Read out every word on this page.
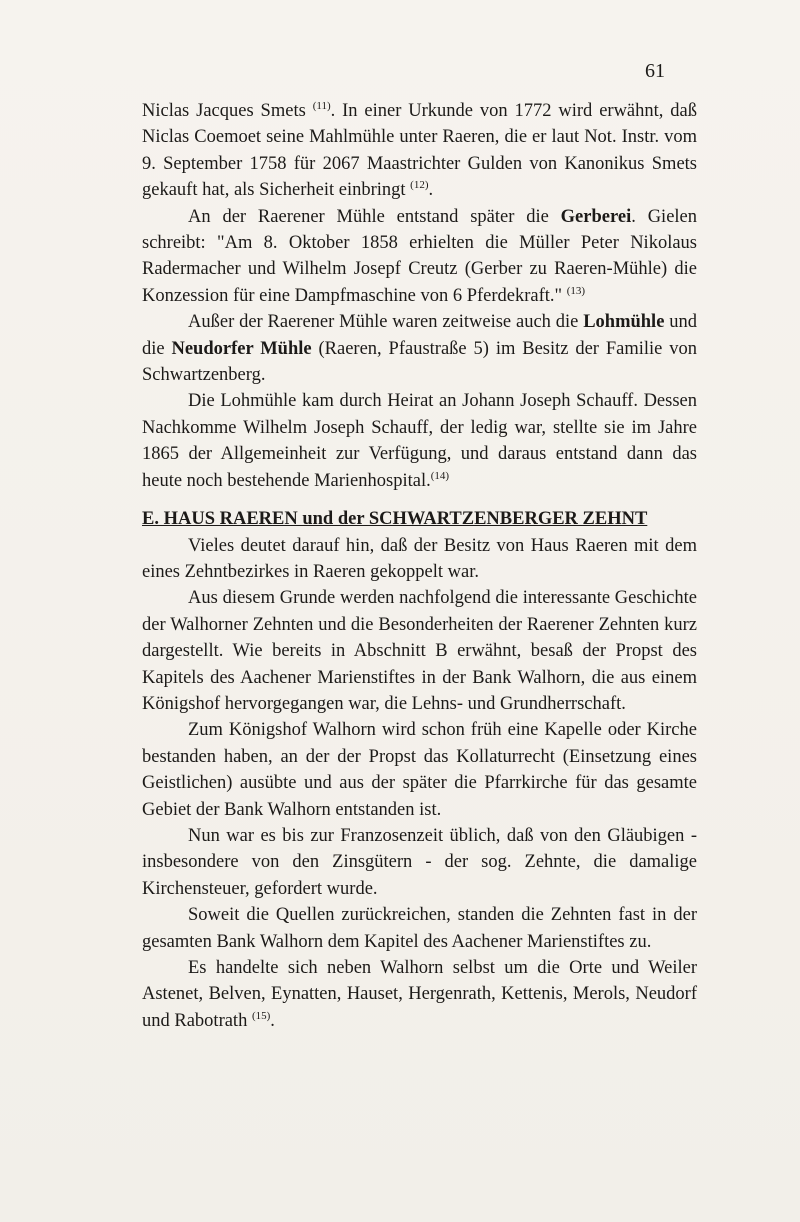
61

Niclas Jacques Smets $^{(11)}$. In einer Urkunde von 1772 wird erwähnt, daß Niclas Coemoet seine Mahlmühle unter Raeren, die er laut Not. Instr. vom 9. September 1758 für 2067 Maastrichter Gulden von Kanonikus Smets gekauft hat, als Sicherheit einbringt $^{(12)}$.

An der Raerener Mühle entstand später die Gerberei. Gielen schreibt: "Am 8. Oktober 1858 erhielten die Müller Peter Nikolaus Radermacher und Wilhelm Josepf Creutz (Gerber zu Raeren-Mühle) die Konzession für eine Dampfmaschine von 6 Pferdekraft." $^{(13)}$

Außer der Raerener Mühle waren zeitweise auch die Lohmühle und die Neudorfer Mühle (Raeren, Pfaustraße 5) im Besitz der Familie von Schwartzenberg.

Die Lohmühle kam durch Heirat an Johann Joseph Schauff. Dessen Nachkomme Wilhelm Joseph Schauff, der ledig war, stellte sie im Jahre 1865 der Allgemeinheit zur Verfügung, und daraus entstand dann das heute noch bestehende Marienhospital.$^{(14)}$

E. HAUS RAEREN und der SCHWARTZENBERGER ZEHNT

Vieles deutet darauf hin, daß der Besitz von Haus Raeren mit dem eines Zehntbezirkes in Raeren gekoppelt war.

Aus diesem Grunde werden nachfolgend die interessante Geschichte der Walhorner Zehnten und die Besonderheiten der Raerener Zehnten kurz dargestellt. Wie bereits in Abschnitt B erwähnt, besaß der Propst des Kapitels des Aachener Marienstiftes in der Bank Walhorn, die aus einem Königshof hervorgegangen war, die Lehns- und Grundherrschaft.

Zum Königshof Walhorn wird schon früh eine Kapelle oder Kirche bestanden haben, an der der Propst das Kollaturrecht (Einsetzung eines Geistlichen) ausübte und aus der später die Pfarrkirche für das gesamte Gebiet der Bank Walhorn entstanden ist.

Nun war es bis zur Franzosenzeit üblich, daß von den Gläubigen - insbesondere von den Zinsgütern - der sog. Zehnte, die damalige Kirchensteuer, gefordert wurde.

Soweit die Quellen zurückreichen, standen die Zehnten fast in der gesamten Bank Walhorn dem Kapitel des Aachener Marienstiftes zu.

Es handelte sich neben Walhorn selbst um die Orte und Weiler Astenet, Belven, Eynatten, Hauset, Hergenrath, Kettenis, Merols, Neudorf und Rabotrath $^{(15)}$.
